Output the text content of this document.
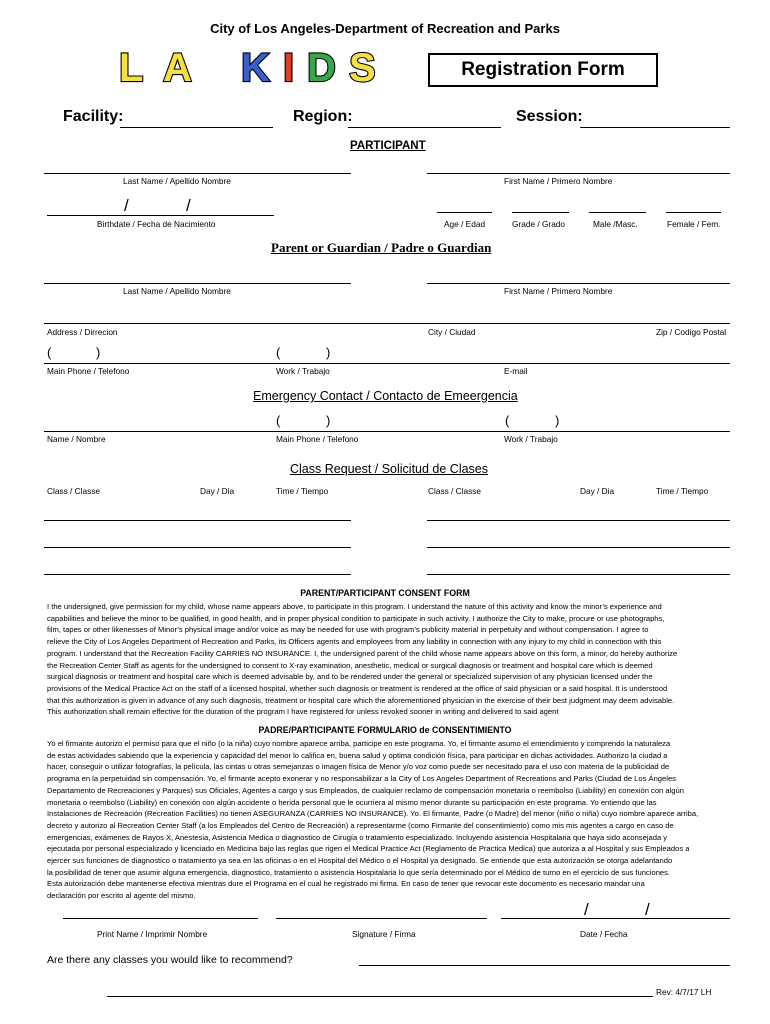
City of Los Angeles-Department of Recreation and Parks
L A K I D S	Registration Form
Facility:	Region:	Session:
PARTICIPANT
Last Name / Apellido Nombre	First Name / Primero Nombre
/	/
Birthdate / Fecha de Nacimiento	Age / Edad	Grade / Grado	Male /Masc.	Female / Fem.
Parent or Guardian / Padre o Guardian
Last Name / Apellido Nombre	First Name / Primero Nombre
Address / Dirrecion	City / Ciudad	Zip / Codigo Postal
(	)	(	)
Main Phone / Telefono	Work / Trabajo	E-mail
Emergency Contact / Contacto de Emeergencia
(	)	(	)
Name / Nombre	Main Phone / Telefono	Work / Trabajo
Class Request / Solicitud de Clases
Class / Classe	Day / Dia	Time / Tiempo	Class / Classe	Day / Dia	Time / Tiempo
PARENT/PARTICIPANT CONSENT FORM
I the undersigned, give permission for my child, whose name appears above, to participate in this program. I understand the nature of this activity and know the minor’s experience and
capabilities and believe the minor to be qualified, in good health, and in proper physical condition to participate in such activity. I authorize the City to make, procure or use photographs,
film, tapes or other likenesses of Minor’s physical image and/or voice as may be needed for use with program’s publicity material in perpetuity and without compensation. I agree to
relieve the City of Los Angeles Department of Recreation and Parks, its Officers agents and employees from any liability in connection with any injury to my child in connection with this
program. I understand that the Recreation Facility CARRIES NO INSURANCE. I, the undersigned parent of the child whose name appears above on this form, a minor, do hereby authorize
the Recreation Center Staff as agents for the undersigned to consent to X-ray examination, anesthetic, medical or surgical diagnosis or treatment and hospital care which is deemed
surgical diagnosis or treatment and hospital care which is deemed advisable by, and to be rendered under the general or specialized supervision of any physician licensed under the
provisions of the Medical Practice Act on the staff of a licensed hospital, whether such diagnosis or treatment is rendered at the office of said physician or a said hospital. It is understood
that this authorization is given in advance of any such diagnosis, treatment or hospital care which the aforementioned physician in the exercise of their best judgment may deem advisable.
This authorization shall remain effective for the duration of the program I have registered for unless revoked sooner in writing and delivered to said agent
PADRE/PARTICIPANTE FORMULARIO de CONSENTIMIENTO
Yo el firmante autorizo el permiso para que el niño (o la niña) cuyo nombre aparece arriba, participe en este programa. Yo, el firmante asumo el entendimiento y comprendo la naturaleza
de estas actividades sabiendo que la experiencia y capacidad del menor lo califica en, buena salud y optima condición física, para participar en dichas actividades. Authorizo la ciudad a
hacer, conseguir o utilizar fotografías, la película, las cintas u otras semejanzas o imagen física de Menor y/o voz como puede ser necesitado para el uso con materia de la publicidad de
programa en la perpetuidad sin compensación. Yo, el firmante acepto exonerar y no responsabilizar a la City of Los Angeles Department of Recreations and Parks (Ciudad de Los Ángeles
Departamento de Recreaciones y Parques) sus Oficiales, Agentes a cargo y sus Empleados, de cualquier reclamo de compensación monetaria o reembolso (Liability) en conexión con algún
monetaria o reembolso (Liability) en conexión con algún accidente o herida personal que le ocurriera al mismo menor durante su participación en este programa. Yo entiendo que las
Instalaciones de Recreación (Recreation Facilities) no tienen ASEGURANZA (CARRIES NO INSURANCE). Yo. El firmante, Padre (o Madre) del menor (niño o niña) cuyo nombre aparece arriba,
decreto y autorizo al Recreation Center Staff (a los Empleados del Centro de Recreación) a representarme (como Firmante del consentimiento) como mis mis agentes a cargo en caso de
emergencias, exámenes de Rayos X, Anestesia, Asistencia Medica o diagnostico de Cirugía o tratamiento especializado. Incluyendo asistencia Hospitalaria que haya sido aconsejada y
ejecutada por personal especializado y licenciado en Medicina bajo las reglas que rigen el Medical Practice Act (Reglamento de Practica Medica) que autoriza a al Hospital y sus Empleados a
ejercer sus funciones de diagnostico o tratamiento ya sea en las oficinas o en el Hospital del Médico o el Hospital ya designado. Se entiende que esta autorización se otorga adelantando
la posibilidad de tener que asumir alguna emergencia, diagnostico, tratamiento o asistencia Hospitalaria lo que sería determinado por el Médico de turno en el ejercicio de sus funciones.
Esta autorización debe mantenerse efectiva mientras dure el Programa en el cual he registrado mi firma. En caso de tener que revocar este documento es necesario mandar una
declaración por escrito al agente del mismo.
/	/
Print Name / Imprimir Nombre	Signature / Firma	Date / Fecha
Are there any classes you would like to recommend?
Rev: 4/7/17 LH
